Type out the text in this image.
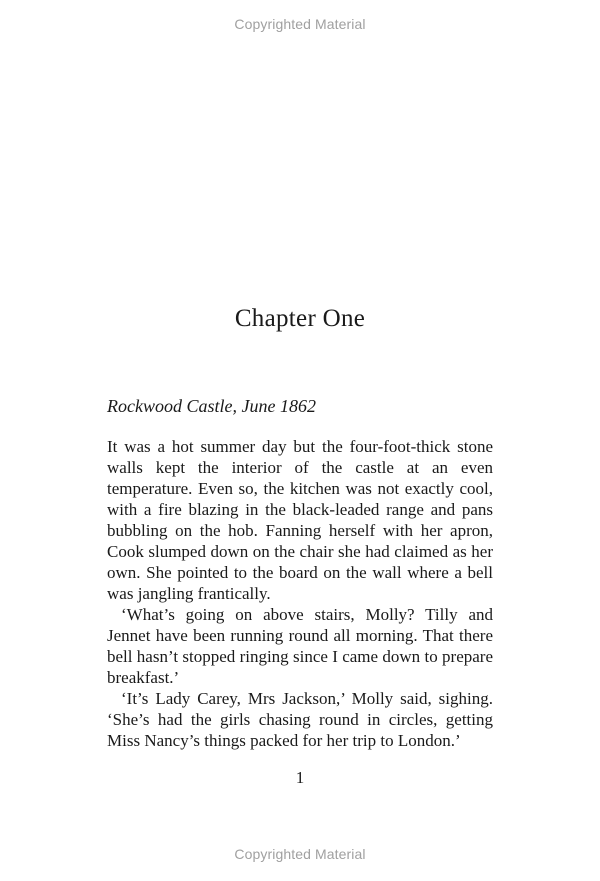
Copyrighted Material
Chapter One

Rockwood Castle, June 1862

It was a hot summer day but the four-foot-thick stone walls kept the interior of the castle at an even temperature. Even so, the kitchen was not exactly cool, with a fire blazing in the black-leaded range and pans bubbling on the hob. Fanning herself with her apron, Cook slumped down on the chair she had claimed as her own. She pointed to the board on the wall where a bell was jangling frantically.

‘What’s going on above stairs, Molly? Tilly and Jennet have been running round all morning. That there bell hasn’t stopped ringing since I came down to prepare breakfast.’

‘It’s Lady Carey, Mrs Jackson,’ Molly said, sighing. ‘She’s had the girls chasing round in circles, getting Miss Nancy’s things packed for her trip to London.’

1
Copyrighted Material
